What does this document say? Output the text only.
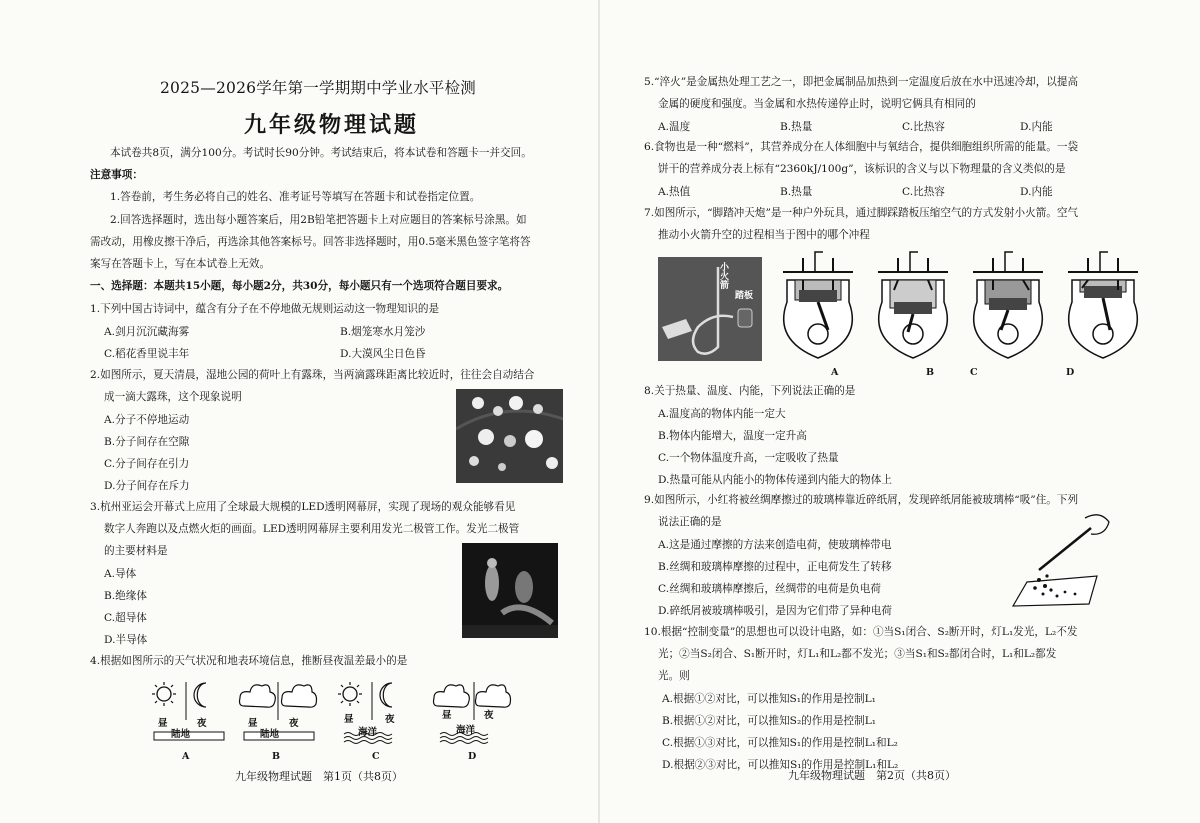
2025—2026学年第一学期期中学业水平检测
九年级物理试题
本试卷共8页，满分100分。考试时长90分钟。考试结束后，将本试卷和答题卡一并交回。
注意事项：
1.答卷前，考生务必将自己的姓名、准考证号等填写在答题卡和试卷指定位置。
2.回答选择题时，选出每小题答案后，用2B铅笔把答题卡上对应题目的答案标号涂黑。如
需改动，用橡皮擦干净后，再选涂其他答案标号。回答非选择题时，用0.5毫米黑色签字笔将答
案写在答题卡上，写在本试卷上无效。
一、选择题：本题共15小题，每小题2分，共30分，每小题只有一个选项符合题目要求。
1.下列中国古诗词中，蕴含有分子在不停地做无规则运动这一物理知识的是
A.剑月沉沉藏海雾	B.烟笼寒水月笼沙
C.稻花香里说丰年	D.大漠风尘日色昏
2.如图所示，夏天清晨，湿地公园的荷叶上有露珠，当两滴露珠距离比较近时，往往会自动结合
成一滴大露珠，这个现象说明
A.分子不停地运动
B.分子间存在空隙
C.分子间存在引力
D.分子间存在斥力
3.杭州亚运会开幕式上应用了全球最大规模的LED透明网幕屏，实现了现场的观众能够看见
数字人奔跑以及点燃火炬的画面。LED透明网幕屏主要利用发光二极管工作。发光二极管
的主要材料是
A.导体
B.绝缘体
C.超导体
D.半导体
4.根据如图所示的天气状况和地表环境信息，推断昼夜温差最小的是
昼	夜
陆地
A
昼	夜
陆地
B
昼	夜
海洋
C
昼	夜
海洋
D
九年级物理试题　第1页（共8页）
5.“淬火”是金属热处理工艺之一，即把金属制品加热到一定温度后放在水中迅速冷却，以提高
金属的硬度和强度。当金属和水热传递停止时，说明它俩具有相同的
A.温度	B.热量	C.比热容	D.内能
6.食物也是一种“燃料”，其营养成分在人体细胞中与氧结合，提供细胞组织所需的能量。一袋
饼干的营养成分表上标有“2360kJ/100g”，该标识的含义与以下物理量的含义类似的是
A.热值	B.热量	C.比热容	D.内能
7.如图所示，“脚踏冲天炮”是一种户外玩具，通过脚踩踏板压缩空气的方式发射小火箭。空气
推动小火箭升空的过程相当于图中的哪个冲程
小火箭
踏板
A	B	C	D
8.关于热量、温度、内能，下列说法正确的是
A.温度高的物体内能一定大
B.物体内能增大，温度一定升高
C.一个物体温度升高，一定吸收了热量
D.热量可能从内能小的物体传递到内能大的物体上
9.如图所示，小红将被丝绸摩擦过的玻璃棒靠近碎纸屑，发现碎纸屑能被玻璃棒“吸”住。下列
说法正确的是
A.这是通过摩擦的方法来创造电荷，使玻璃棒带电
B.丝绸和玻璃棒摩擦的过程中，正电荷发生了转移
C.丝绸和玻璃棒摩擦后，丝绸带的电荷是负电荷
D.碎纸屑被玻璃棒吸引，是因为它们带了异种电荷
10.根据“控制变量”的思想也可以设计电路，如：①当S₁闭合、S₂断开时，灯L₁发光，L₂不发
光；②当S₂闭合、S₁断开时，灯L₁和L₂都不发光；③当S₁和S₂都闭合时，L₁和L₂都发
光。则
A.根据①②对比，可以推知S₁的作用是控制L₁
B.根据①②对比，可以推知S₂的作用是控制L₁
C.根据①③对比，可以推知S₁的作用是控制L₁和L₂
D.根据②③对比，可以推知S₁的作用是控制L₁和L₂
九年级物理试题　第2页（共8页）
